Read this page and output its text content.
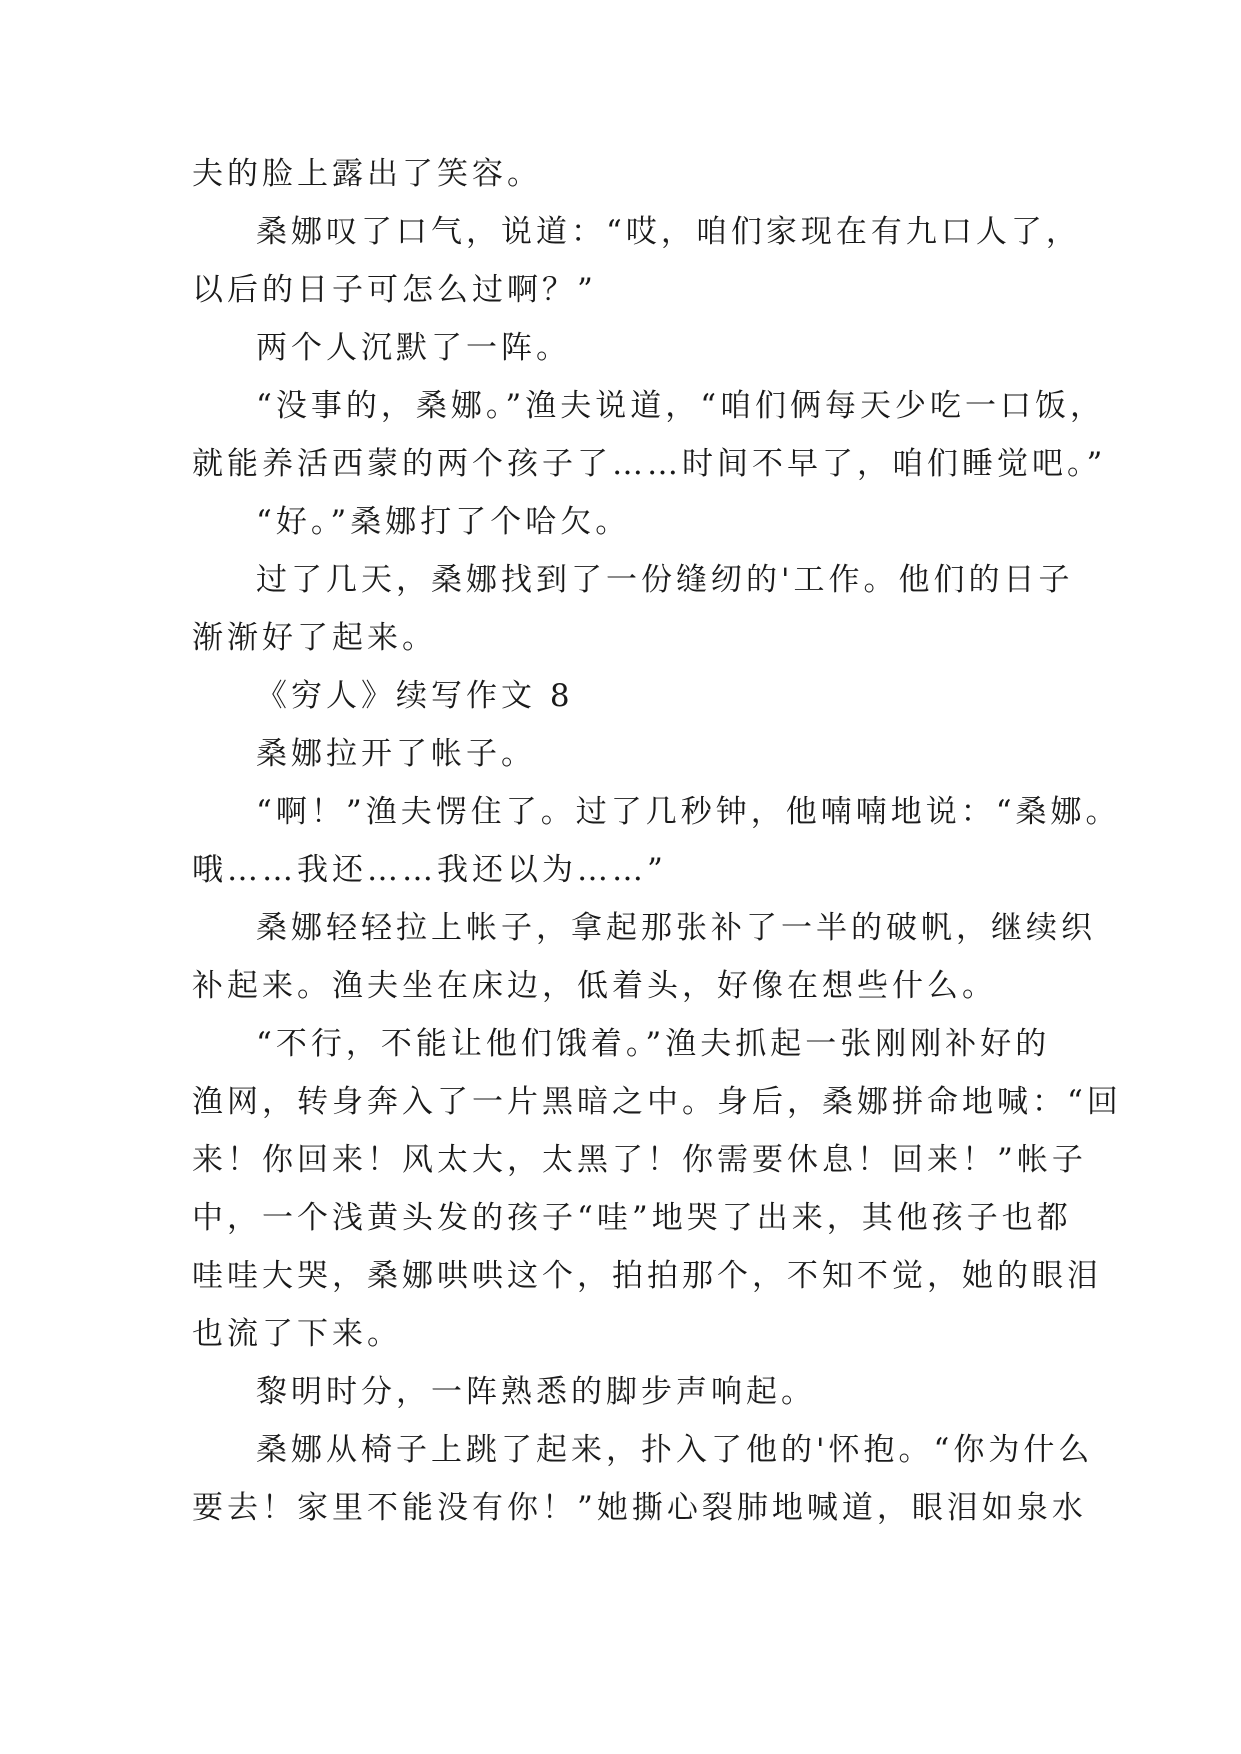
夫的脸上露出了笑容。
桑娜叹了口气，说道：“哎，咱们家现在有九口人了，
以后的日子可怎么过啊？”
两个人沉默了一阵。
“没事的，桑娜。”渔夫说道，“咱们俩每天少吃一口饭，
就能养活西蒙的两个孩子了……时间不早了，咱们睡觉吧。”
“好。”桑娜打了个哈欠。
过了几天，桑娜找到了一份缝纫的'工作。他们的日子
渐渐好了起来。
《穷人》续写作文 8
桑娜拉开了帐子。
“啊！”渔夫愣住了。过了几秒钟，他喃喃地说：“桑娜。
哦……我还……我还以为……”
桑娜轻轻拉上帐子，拿起那张补了一半的破帆，继续织
补起来。渔夫坐在床边，低着头，好像在想些什么。
“不行，不能让他们饿着。”渔夫抓起一张刚刚补好的
渔网，转身奔入了一片黑暗之中。身后，桑娜拼命地喊：“回
来！你回来！风太大，太黑了！你需要休息！回来！”帐子
中，一个浅黄头发的孩子“哇”地哭了出来，其他孩子也都
哇哇大哭，桑娜哄哄这个，拍拍那个，不知不觉，她的眼泪
也流了下来。
黎明时分，一阵熟悉的脚步声响起。
桑娜从椅子上跳了起来，扑入了他的'怀抱。“你为什么
要去！家里不能没有你！”她撕心裂肺地喊道，眼泪如泉水
